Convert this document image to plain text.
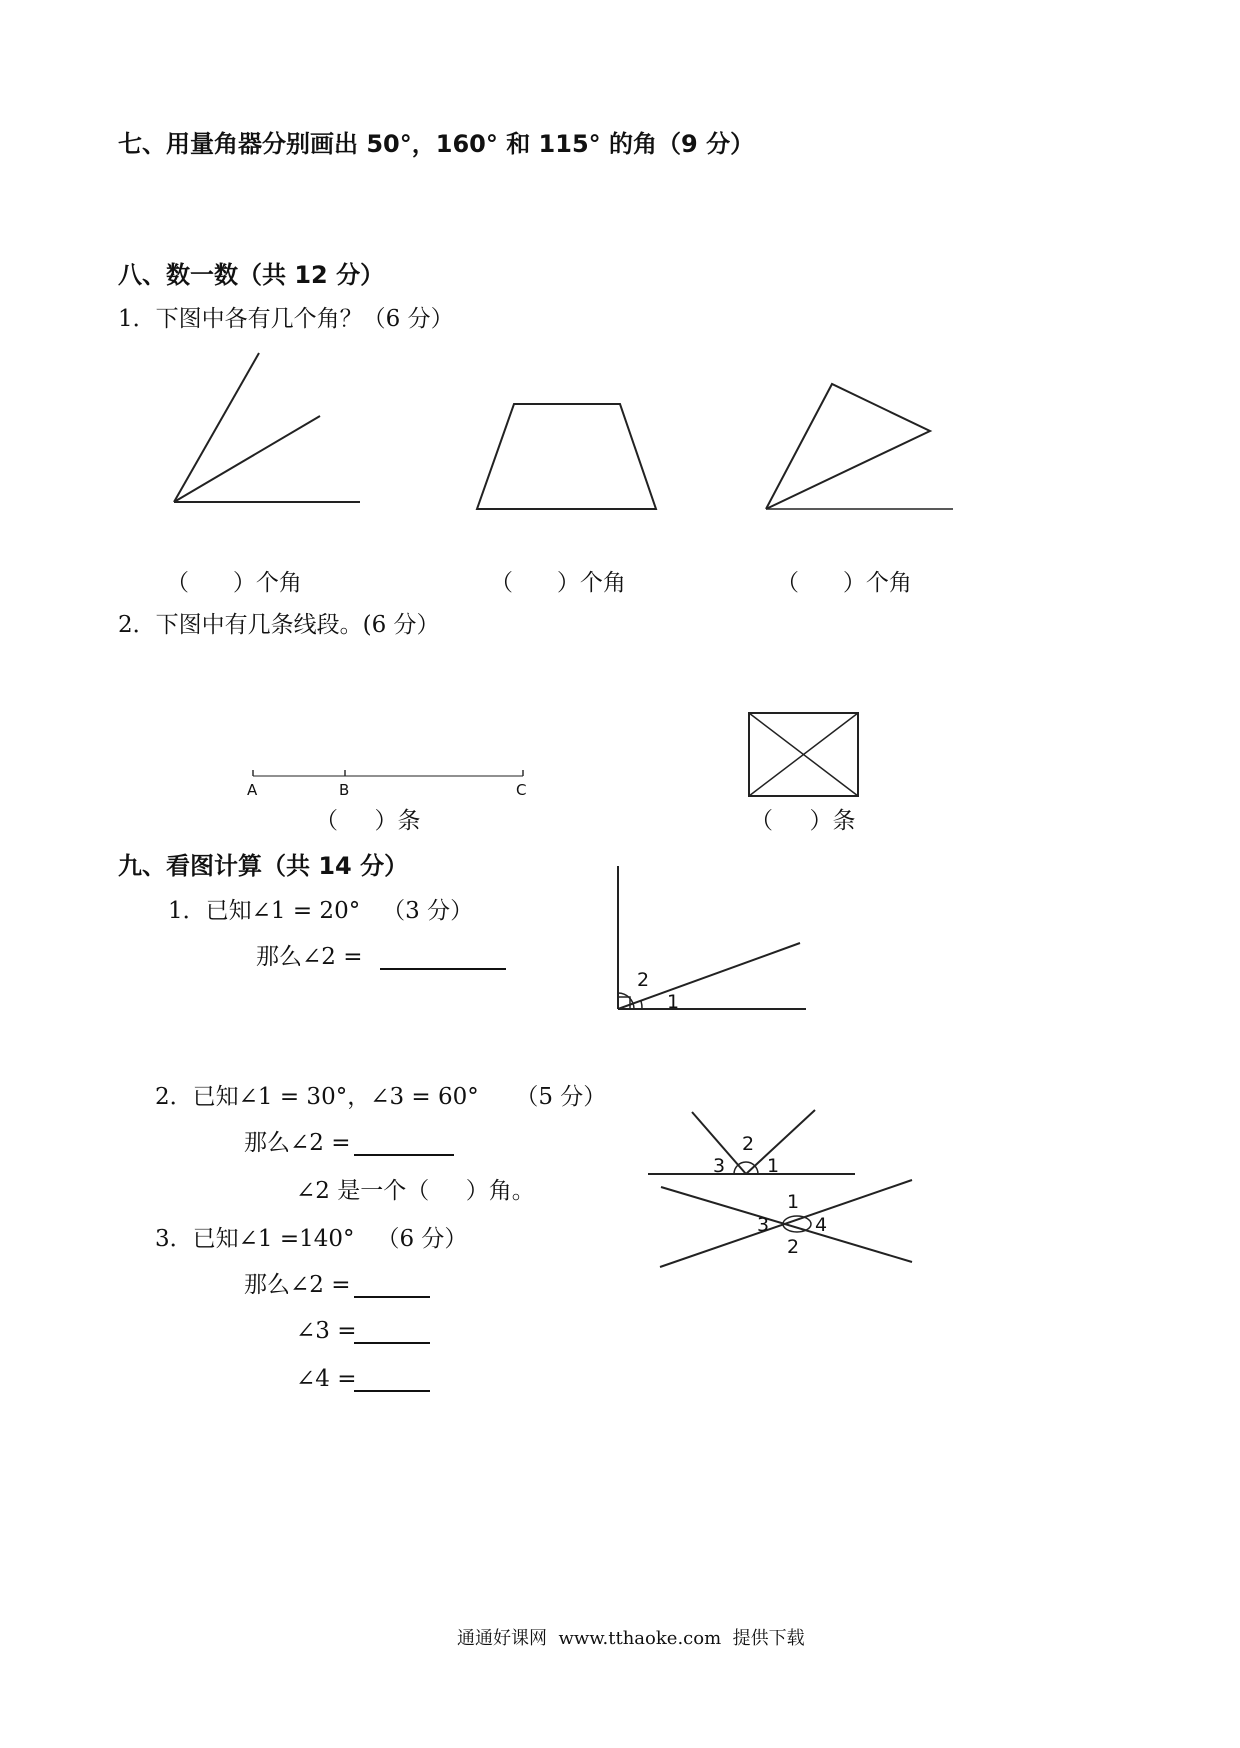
七、用量角器分别画出 50°，160° 和 115° 的角（9 分）
八、数一数（共 12 分）
1．下图中各有几个角？（6 分）
（      ）个角	（      ）个角	（      ）个角
2．下图中有几条线段。(6 分）
（     ）条	（     ）条
九、看图计算（共 14 分）
1．已知∠1 = 20°   （3 分）
那么∠2 =
2．已知∠1 = 30°，∠3 = 60°     （5 分）
那么∠2 =
∠2 是一个（     ）角。
3．已知∠1 =140°   （6 分）
那么∠2 =
∠3 =
∠4 =
A	B	C
2
1
2
3 1
1
3 4
2
通通好课网  www.tthaoke.com  提供下载
